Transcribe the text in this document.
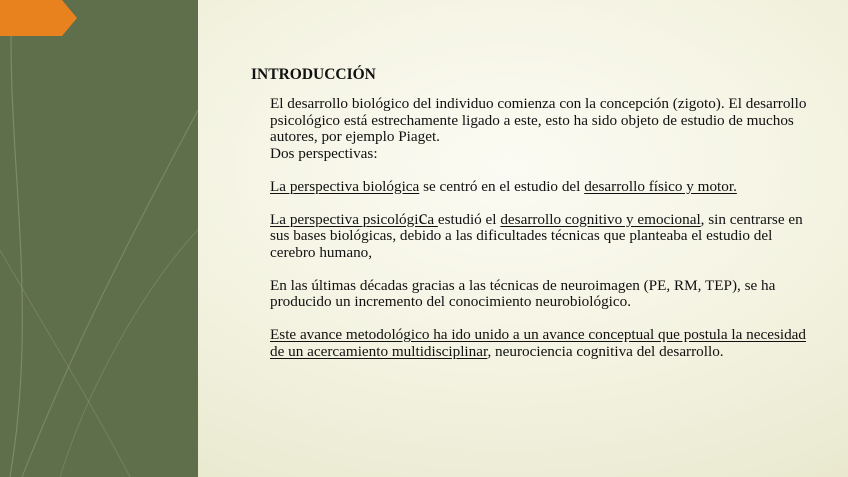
INTRODUCCIÓN

El desarrollo biológico del individuo comienza con la concepción (zigoto). El desarrollo psicológico está estrechamente ligado a este, esto ha sido objeto de estudio de muchos autores, por ejemplo Piaget.

Dos perspectivas:

La perspectiva biológica se centró en el estudio del desarrollo físico y motor.

La perspectiva psicológica estudió el desarrollo cognitivo y emocional, sin centrarse en sus bases biológicas, debido a las dificultades técnicas que planteaba el estudio del cerebro humano,

En las últimas décadas gracias a las técnicas de neuroimagen (PE, RM, TEP), se ha producido un incremento del conocimiento neurobiológico.

Este avance metodológico ha ido unido a un avance conceptual que postula la necesidad de un acercamiento multidisciplinar, neurociencia cognitiva del desarrollo.
